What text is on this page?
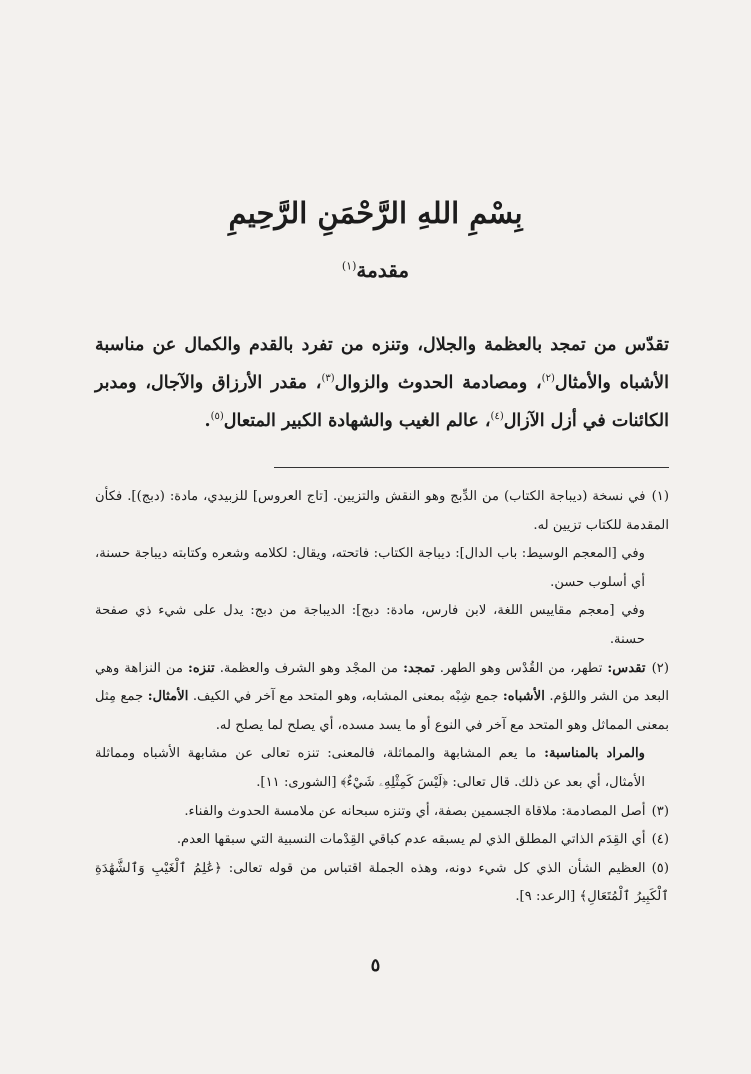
بِسْمِ اللهِ الرَّحْمَنِ الرَّحِيمِ
مقدمة$^{(١)}$
تقدّس من تمجد بالعظمة والجلال، وتنزه من تفرد بالقدم والكمال عن مناسبة الأشباه والأمثال$^{(٢)}$، ومصادمة الحدوث والزوال$^{(٣)}$، مقدر الأرزاق والآجال، ومدبر الكائنات في أزل الآزال$^{(٤)}$، عالم الغيب والشهادة الكبير المتعال$^{(٥)}$.

(١)في نسخة (ديباجة الكتاب) من الدِّبج وهو النقش والتزيين. [تاج العروس] للزبيدي، مادة: (دبج)]. فكأن المقدمة للكتاب تزيين له.

وفي [المعجم الوسيط: باب الدال]: ديباجة الكتاب: فاتحته، ويقال: لكلامه وشعره وكتابته ديباجة حسنة، أي أسلوب حسن.

وفي [معجم مقاييس اللغة، لابن فارس، مادة: دبج]: الديباجة من دبج: يدل على شيء ذي صفحة حسنة.

(٢)تقدس: تطهر، من القُدْس وهو الطهر. تمجد: من المجْد وهو الشرف والعظمة. تنزه: من النزاهة وهي البعد من الشر واللؤم. الأشباه: جمع شِبْه بمعنى المشابه، وهو المتحد مع آخر في الكيف. الأمثال: جمع مِثل بمعنى المماثل وهو المتحد مع آخر في النوع أو ما يسد مسده، أي يصلح لما يصلح له.

والمراد بالمناسبة: ما يعم المشابهة والمماثلة، فالمعنى: تنزه تعالى عن مشابهة الأشباه ومماثلة الأمثال، أي بعد عن ذلك. قال تعالى: ﴿لَيْسَ كَمِثْلِهِۦ شَيْءٌ﴾ [الشورى: ١١].

(٣)أصل المصادمة: ملاقاة الجسمين بصفة، أي وتنزه سبحانه عن ملامسة الحدوث والفناء.

(٤)أي القِدَم الذاتي المطلق الذي لم يسبقه عدم كباقي القِدْمات النسبية التي سبقها العدم.

(٥)العظيم الشأن الذي كل شيء دونه، وهذه الجملة اقتباس من قوله تعالى: ﴿عَٰلِمُ ٱلْغَيْبِ وَٱلشَّهَٰدَةِ ٱلْكَبِيرُ ٱلْمُتَعَالِ﴾ [الرعد: ٩].

٥
